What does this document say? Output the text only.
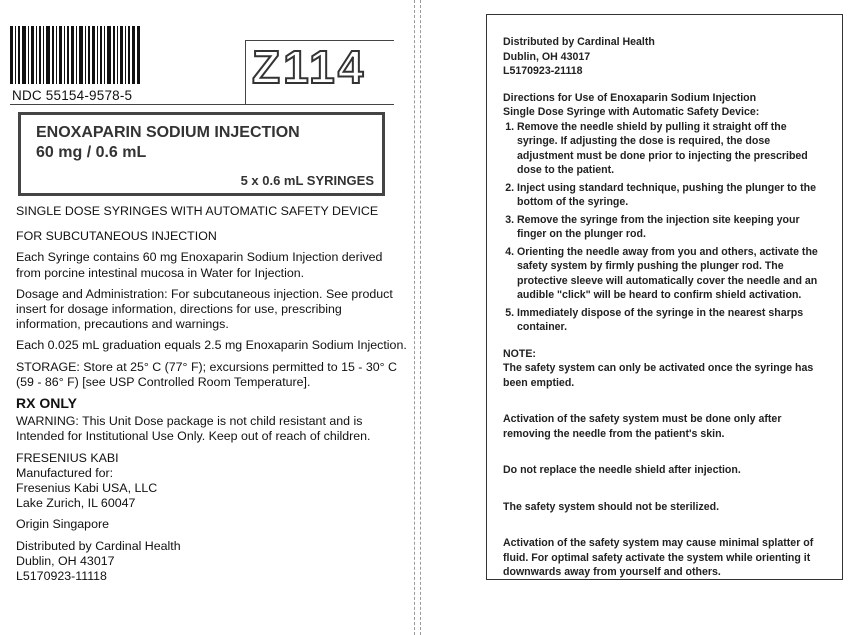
NDC 55154-9578-5
Z114
ENOXAPARIN SODIUM INJECTION
60 mg / 0.6 mL
5 x 0.6 mL SYRINGES

SINGLE DOSE SYRINGES WITH AUTOMATIC SAFETY DEVICE

FOR SUBCUTANEOUS INJECTION

Each Syringe contains 60 mg Enoxaparin Sodium Injection derived from porcine intestinal mucosa in Water for Injection.

Dosage and Administration: For subcutaneous injection. See product insert for dosage information, directions for use, prescribing information, precautions and warnings.

Each 0.025 mL graduation equals 2.5 mg Enoxaparin Sodium Injection.

STORAGE: Store at 25° C (77° F); excursions permitted to 15 - 30° C (59 - 86° F) [see USP Controlled Room Temperature].

RX ONLY

WARNING: This Unit Dose package is not child resistant and is Intended for Institutional Use Only. Keep out of reach of children.

FRESENIUS KABI

Manufactured for:

Fresenius Kabi USA, LLC

Lake Zurich, IL 60047

Origin Singapore

Distributed by Cardinal Health

Dublin, OH 43017

L5170923-11118

Distributed by Cardinal Health

Dublin, OH 43017

L5170923-21118

Directions for Use of Enoxaparin Sodium Injection

Single Dose Syringe with Automatic Safety Device:

1. Remove the needle shield by pulling it straight off the syringe. If adjusting the dose is required, the dose adjustment must be done prior to injecting the prescribed dose to the patient.
2. Inject using standard technique, pushing the plunger to the bottom of the syringe.
3. Remove the syringe from the injection site keeping your finger on the plunger rod.
4. Orienting the needle away from you and others, activate the safety system by firmly pushing the plunger rod. The protective sleeve will automatically cover the needle and an audible "click" will be heard to confirm shield activation.
5. Immediately dispose of the syringe in the nearest sharps container.

NOTE:

The safety system can only be activated once the syringe has been emptied.

Activation of the safety system must be done only after removing the needle from the patient's skin.

Do not replace the needle shield after injection.

The safety system should not be sterilized.

Activation of the safety system may cause minimal splatter of fluid. For optimal safety activate the system while orienting it downwards away from yourself and others.
